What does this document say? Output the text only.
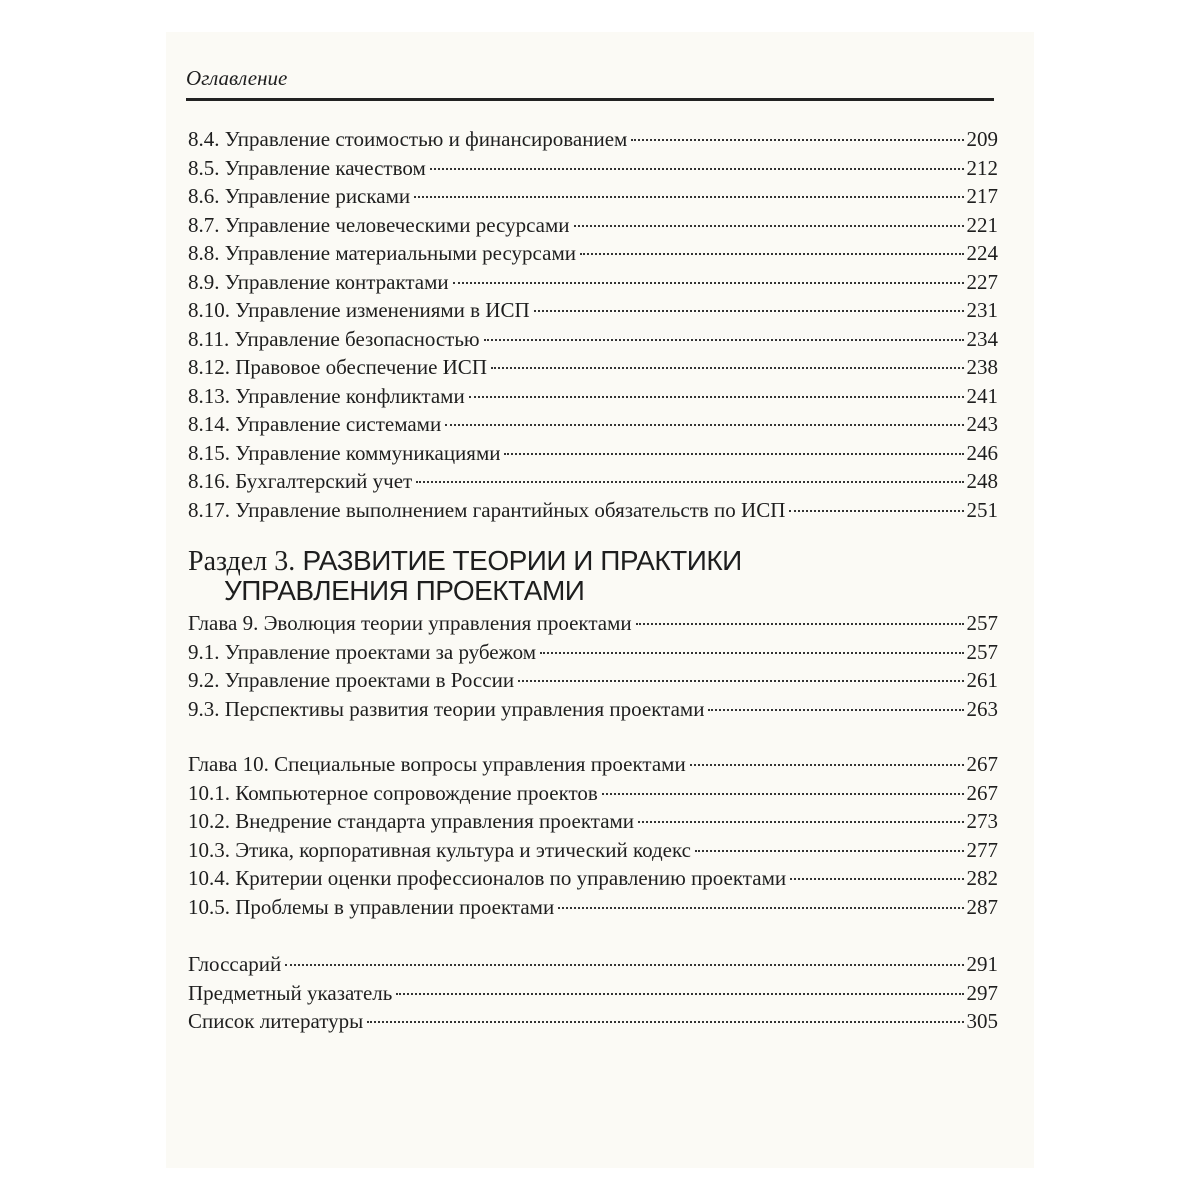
Оглавление
8.4. Управление стоимостью и финансированием	209
8.5. Управление качеством	212
8.6. Управление рисками	217
8.7. Управление человеческими ресурсами	221
8.8. Управление материальными ресурсами	224
8.9. Управление контрактами	227
8.10. Управление изменениями в ИСП	231
8.11. Управление безопасностью	234
8.12. Правовое обеспечение ИСП	238
8.13. Управление конфликтами	241
8.14. Управление системами	243
8.15. Управление коммуникациями	246
8.16. Бухгалтерский учет	248
8.17. Управление выполнением гарантийных обязательств по ИСП	251
Раздел 3. РАЗВИТИЕ ТЕОРИИ И ПРАКТИКИ
УПРАВЛЕНИЯ ПРОЕКТАМИ
Глава 9. Эволюция теории управления проектами	257
9.1. Управление проектами за рубежом	257
9.2. Управление проектами в России	261
9.3. Перспективы развития теории управления проектами	263
Глава 10. Специальные вопросы управления проектами	267
10.1. Компьютерное сопровождение проектов	267
10.2. Внедрение стандарта управления проектами	273
10.3. Этика, корпоративная культура и этический кодекс	277
10.4. Критерии оценки профессионалов по управлению проектами	282
10.5. Проблемы в управлении проектами	287
Глоссарий	291
Предметный указатель	297
Список литературы	305
